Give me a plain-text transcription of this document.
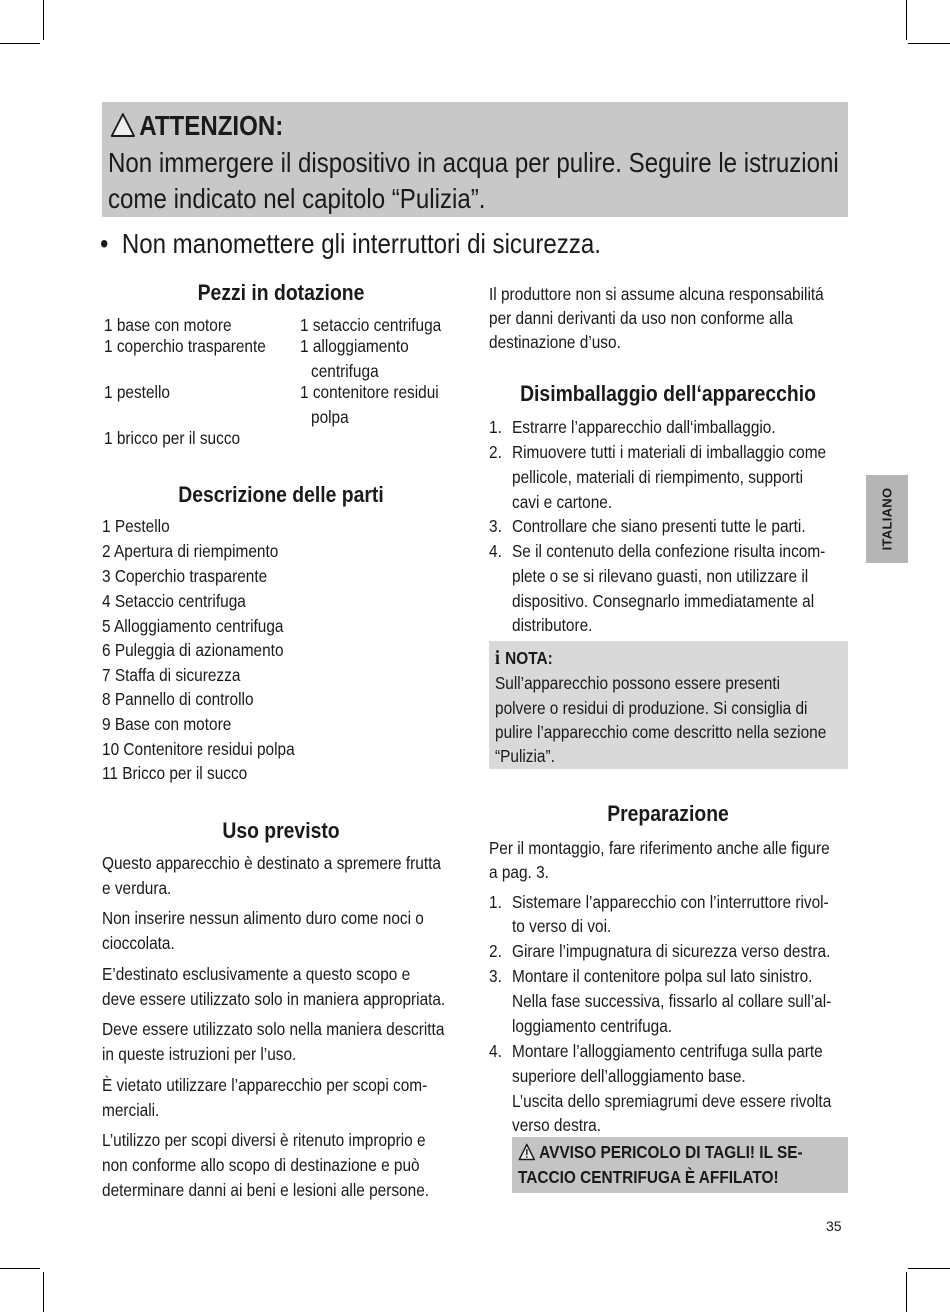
ATTENZION:
Non immergere il dispositivo in acqua per pulire. Seguire le istruzioni
come indicato nel capitolo “Pulizia”.
• Non manomettere gli interruttori di sicurezza.
Pezzi in dotazione
1 base con motore
1 coperchio trasparente
1 pestello
1 bricco per il succo
1 setaccio centrifuga
1 alloggiamento
centrifuga
1 contenitore residui
polpa
Descrizione delle parti
1 Pestello
2 Apertura di riempimento
3 Coperchio trasparente
4 Setaccio centrifuga
5 Alloggiamento centrifuga
6 Puleggia di azionamento
7 Staffa di sicurezza
8 Pannello di controllo
9 Base con motore
10 Contenitore residui polpa
11 Bricco per il succo
Uso previsto
Questo apparecchio è destinato a spremere frutta
e verdura.
Non inserire nessun alimento duro come noci o
cioccolata.
E’destinato esclusivamente a questo scopo e
deve essere utilizzato solo in maniera appropriata.
Deve essere utilizzato solo nella maniera descritta
in queste istruzioni per l’uso.
È vietato utilizzare l’apparecchio per scopi com-
merciali.
L’utilizzo per scopi diversi è ritenuto improprio e
non conforme allo scopo di destinazione e può
determinare danni ai beni e lesioni alle persone.
Il produttore non si assume alcuna responsabilitá
per danni derivanti da uso non conforme alla
destinazione d’uso.
Disimballaggio dell‘apparecchio
1. Estrarre l’apparecchio dall‘imballaggio.
2. Rimuovere tutti i materiali di imballaggio come
pellicole, materiali di riempimento, supporti
cavi e cartone.
3. Controllare che siano presenti tutte le parti.
4. Se il contenuto della confezione risulta incom-
plete o se si rilevano guasti, non utilizzare il
dispositivo. Consegnarlo immediatamente al
distributore.
i NOTA:
Sull’apparecchio possono essere presenti
polvere o residui di produzione. Si consiglia di
pulire l’apparecchio come descritto nella sezione
“Pulizia”.
Preparazione
Per il montaggio, fare riferimento anche alle figure
a pag. 3.
1. Sistemare l’apparecchio con l’interruttore rivol-
to verso di voi.
2. Girare l’impugnatura di sicurezza verso destra.
3. Montare il contenitore polpa sul lato sinistro.
Nella fase successiva, fissarlo al collare sull’al-
loggiamento centrifuga.
4. Montare l’alloggiamento centrifuga sulla parte
superiore dell’alloggiamento base.
L’uscita dello spremiagrumi deve essere rivolta
verso destra.
AVVISO PERICOLO DI TAGLI! IL SE-
TACCIO CENTRIFUGA È AFFILATO!
ITALIANO
35
